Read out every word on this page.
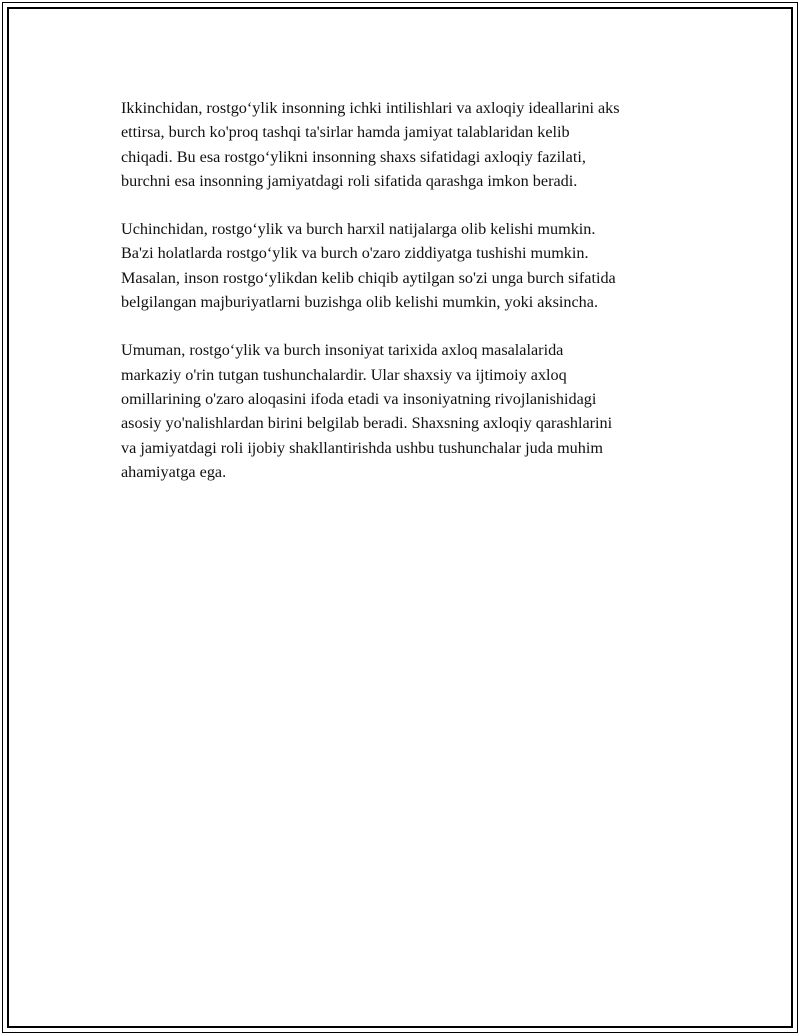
Ikkinchidan, rostgo‘ylik insonning ichki intilishlari va axloqiy ideallarini aks
ettirsa, burch ko'proq tashqi ta'sirlar hamda jamiyat talablaridan kelib
chiqadi. Bu esa rostgo‘ylikni insonning shaxs sifatidagi axloqiy fazilati,
burchni esa insonning jamiyatdagi roli sifatida qarashga imkon beradi.

Uchinchidan, rostgo‘ylik va burch harxil natijalarga olib kelishi mumkin.
Ba'zi holatlarda rostgo‘ylik va burch o'zaro ziddiyatga tushishi mumkin.
Masalan, inson rostgo‘ylikdan kelib chiqib aytilgan so'zi unga burch sifatida
belgilangan majburiyatlarni buzishga olib kelishi mumkin, yoki aksincha.

Umuman, rostgo‘ylik va burch insoniyat tarixida axloq masalalarida
markaziy o'rin tutgan tushunchalardir. Ular shaxsiy va ijtimoiy axloq
omillarining o'zaro aloqasini ifoda etadi va insoniyatning rivojlanishidagi
asosiy yo'nalishlardan birini belgilab beradi. Shaxsning axloqiy qarashlarini
va jamiyatdagi roli ijobiy shakllantirishda ushbu tushunchalar juda muhim
ahamiyatga ega.
